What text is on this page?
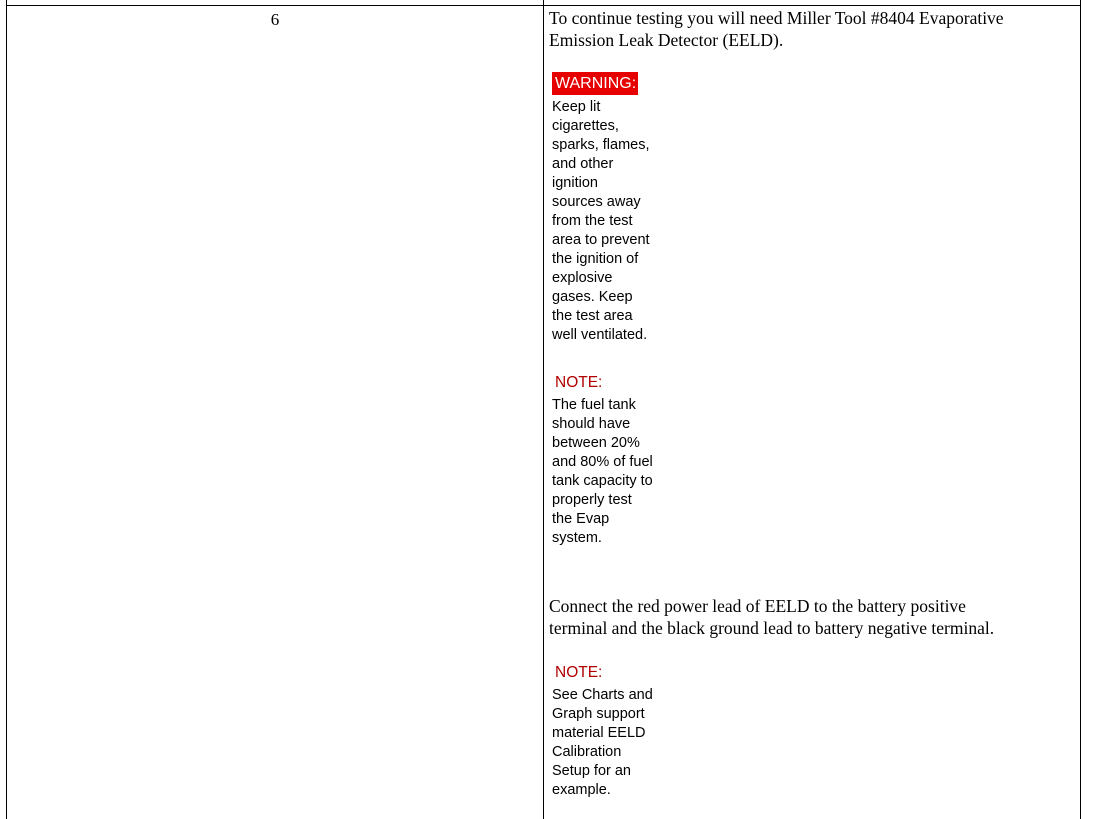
6	To continue testing you will need Miller Tool #8404 Evaporative
Emission Leak Detector (EELD).
WARNING:
Keep lit
cigarettes,
sparks, flames,
and other
ignition
sources away
from the test
area to prevent
the ignition of
explosive
gases. Keep
the test area
well ventilated.
NOTE:
The fuel tank
should have
between 20%
and 80% of fuel
tank capacity to
properly test
the Evap
system.
Connect the red power lead of EELD to the battery positive
terminal and the black ground lead to battery negative terminal.
NOTE:
See Charts and
Graph support
material EELD
Calibration
Setup for an
example.
